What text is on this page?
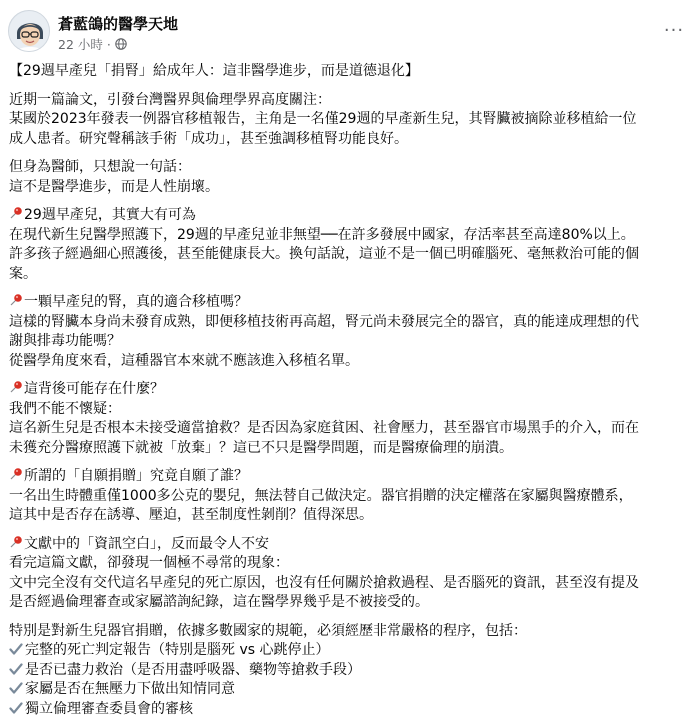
蒼藍鴿的醫學天地
22 小時 ·
···

【29週早產兒「捐腎」給成年人：這非醫學進步，而是道德退化】

近期一篇論文，引發台灣醫界與倫理學界高度關注：
某國於2023年發表一例器官移植報告，主角是一名僅29週的早產新生兒，其腎臟被摘除並移植給一位
成人患者。研究聲稱該手術「成功」，甚至強調移植腎功能良好。

但身為醫師，只想說一句話：
這不是醫學進步，而是人性崩壞。

29週早產兒，其實大有可為
在現代新生兒醫學照護下，29週的早產兒並非無望──在許多發展中國家，存活率甚至高達80%以上。
許多孩子經過細心照護後，甚至能健康長大。換句話說，這並不是一個已明確腦死、毫無救治可能的個
案。

一顆早產兒的腎，真的適合移植嗎？
這樣的腎臟本身尚未發育成熟，即便移植技術再高超，腎元尚未發展完全的器官，真的能達成理想的代
謝與排毒功能嗎？
從醫學角度來看，這種器官本來就不應該進入移植名單。

這背後可能存在什麼？
我們不能不懷疑：
這名新生兒是否根本未接受適當搶救？是否因為家庭貧困、社會壓力，甚至器官市場黑手的介入，而在
未獲充分醫療照護下就被「放棄」？這已不只是醫學問題，而是醫療倫理的崩潰。

所謂的「自願捐贈」究竟自願了誰？
一名出生時體重僅1000多公克的嬰兒，無法替自己做決定。器官捐贈的決定權落在家屬與醫療體系，
這其中是否存在誘導、壓迫，甚至制度性剝削？值得深思。

文獻中的「資訊空白」，反而最令人不安
看完這篇文獻，卻發現一個極不尋常的現象：
文中完全沒有交代這名早產兒的死亡原因，也沒有任何關於搶救過程、是否腦死的資訊，甚至沒有提及
是否經過倫理審查或家屬諮詢紀錄，這在醫學界幾乎是不被接受的。

特別是對新生兒器官捐贈，依據多數國家的規範，必須經歷非常嚴格的程序，包括：
完整的死亡判定報告（特別是腦死 vs 心跳停止）
是否已盡力救治（是否用盡呼吸器、藥物等搶救手段）
家屬是否在無壓力下做出知情同意
獨立倫理審查委員會的審核
